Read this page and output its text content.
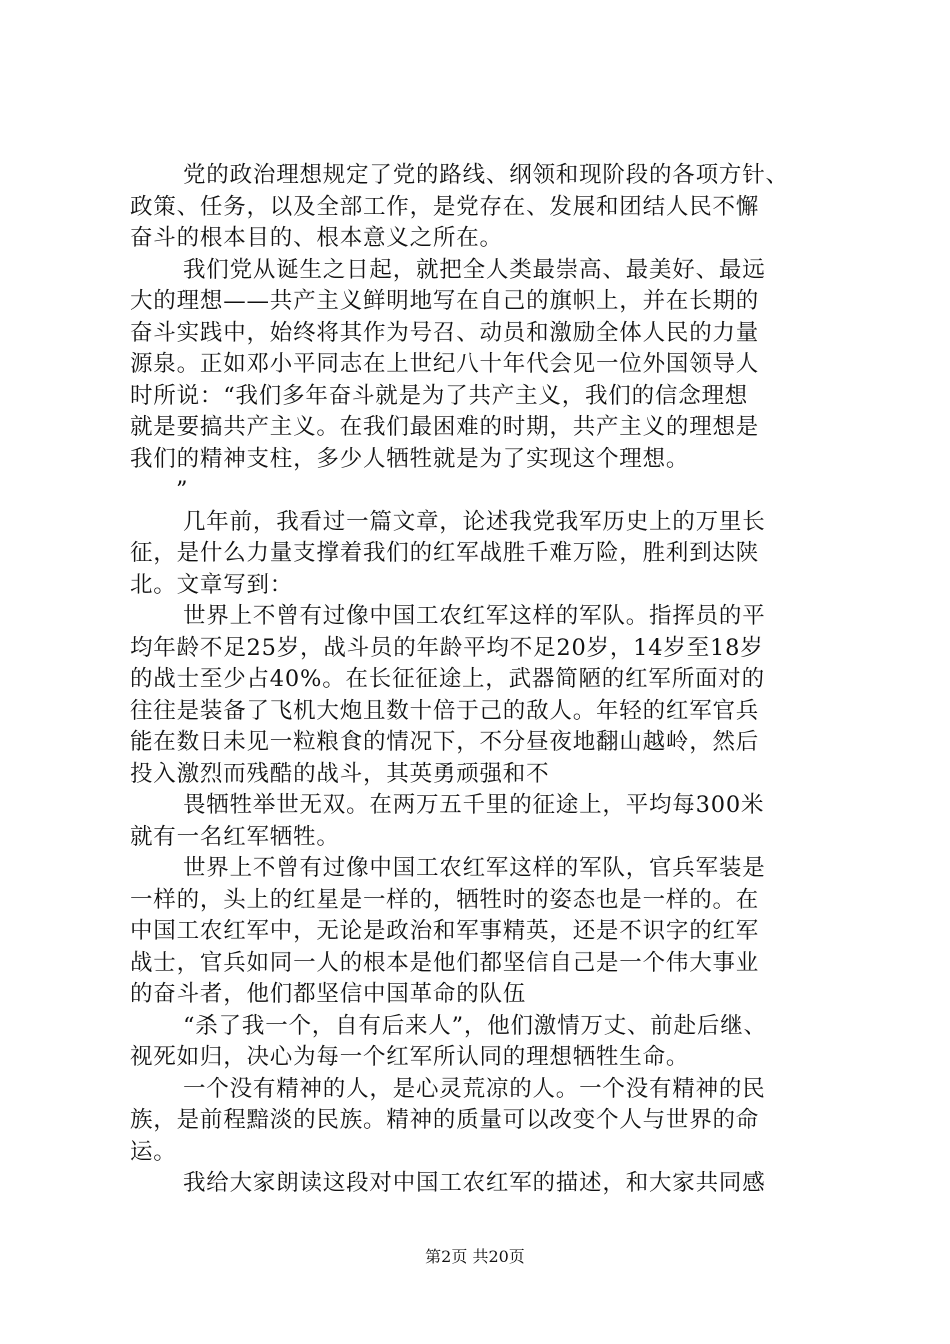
党的政治理想规定了党的路线、纲领和现阶段的各项方针、
政策、任务，以及全部工作，是党存在、发展和团结人民不懈
奋斗的根本目的、根本意义之所在。
我们党从诞生之日起，就把全人类最崇高、最美好、最远
大的理想——共产主义鲜明地写在自己的旗帜上，并在长期的
奋斗实践中，始终将其作为号召、动员和激励全体人民的力量
源泉。正如邓小平同志在上世纪八十年代会见一位外国领导人
时所说：“我们多年奋斗就是为了共产主义，我们的信念理想
就是要搞共产主义。在我们最困难的时期，共产主义的理想是
我们的精神支柱，多少人牺牲就是为了实现这个理想。
”
几年前，我看过一篇文章，论述我党我军历史上的万里长
征，是什么力量支撑着我们的红军战胜千难万险，胜利到达陕
北。文章写到：
世界上不曾有过像中国工农红军这样的军队。指挥员的平
均年龄不足25岁，战斗员的年龄平均不足20岁，14岁至18岁
的战士至少占40%。在长征征途上，武器简陋的红军所面对的
往往是装备了飞机大炮且数十倍于己的敌人。年轻的红军官兵
能在数日未见一粒粮食的情况下，不分昼夜地翻山越岭，然后
投入激烈而残酷的战斗，其英勇顽强和不
畏牺牲举世无双。在两万五千里的征途上，平均每300米
就有一名红军牺牲。
世界上不曾有过像中国工农红军这样的军队，官兵军装是
一样的，头上的红星是一样的，牺牲时的姿态也是一样的。在
中国工农红军中，无论是政治和军事精英，还是不识字的红军
战士，官兵如同一人的根本是他们都坚信自己是一个伟大事业
的奋斗者，他们都坚信中国革命的队伍
“杀了我一个，自有后来人”，他们激情万丈、前赴后继、
视死如归，决心为每一个红军所认同的理想牺牲生命。
一个没有精神的人，是心灵荒凉的人。一个没有精神的民
族，是前程黯淡的民族。精神的质量可以改变个人与世界的命
运。
我给大家朗读这段对中国工农红军的描述，和大家共同感
第2页 共20页
